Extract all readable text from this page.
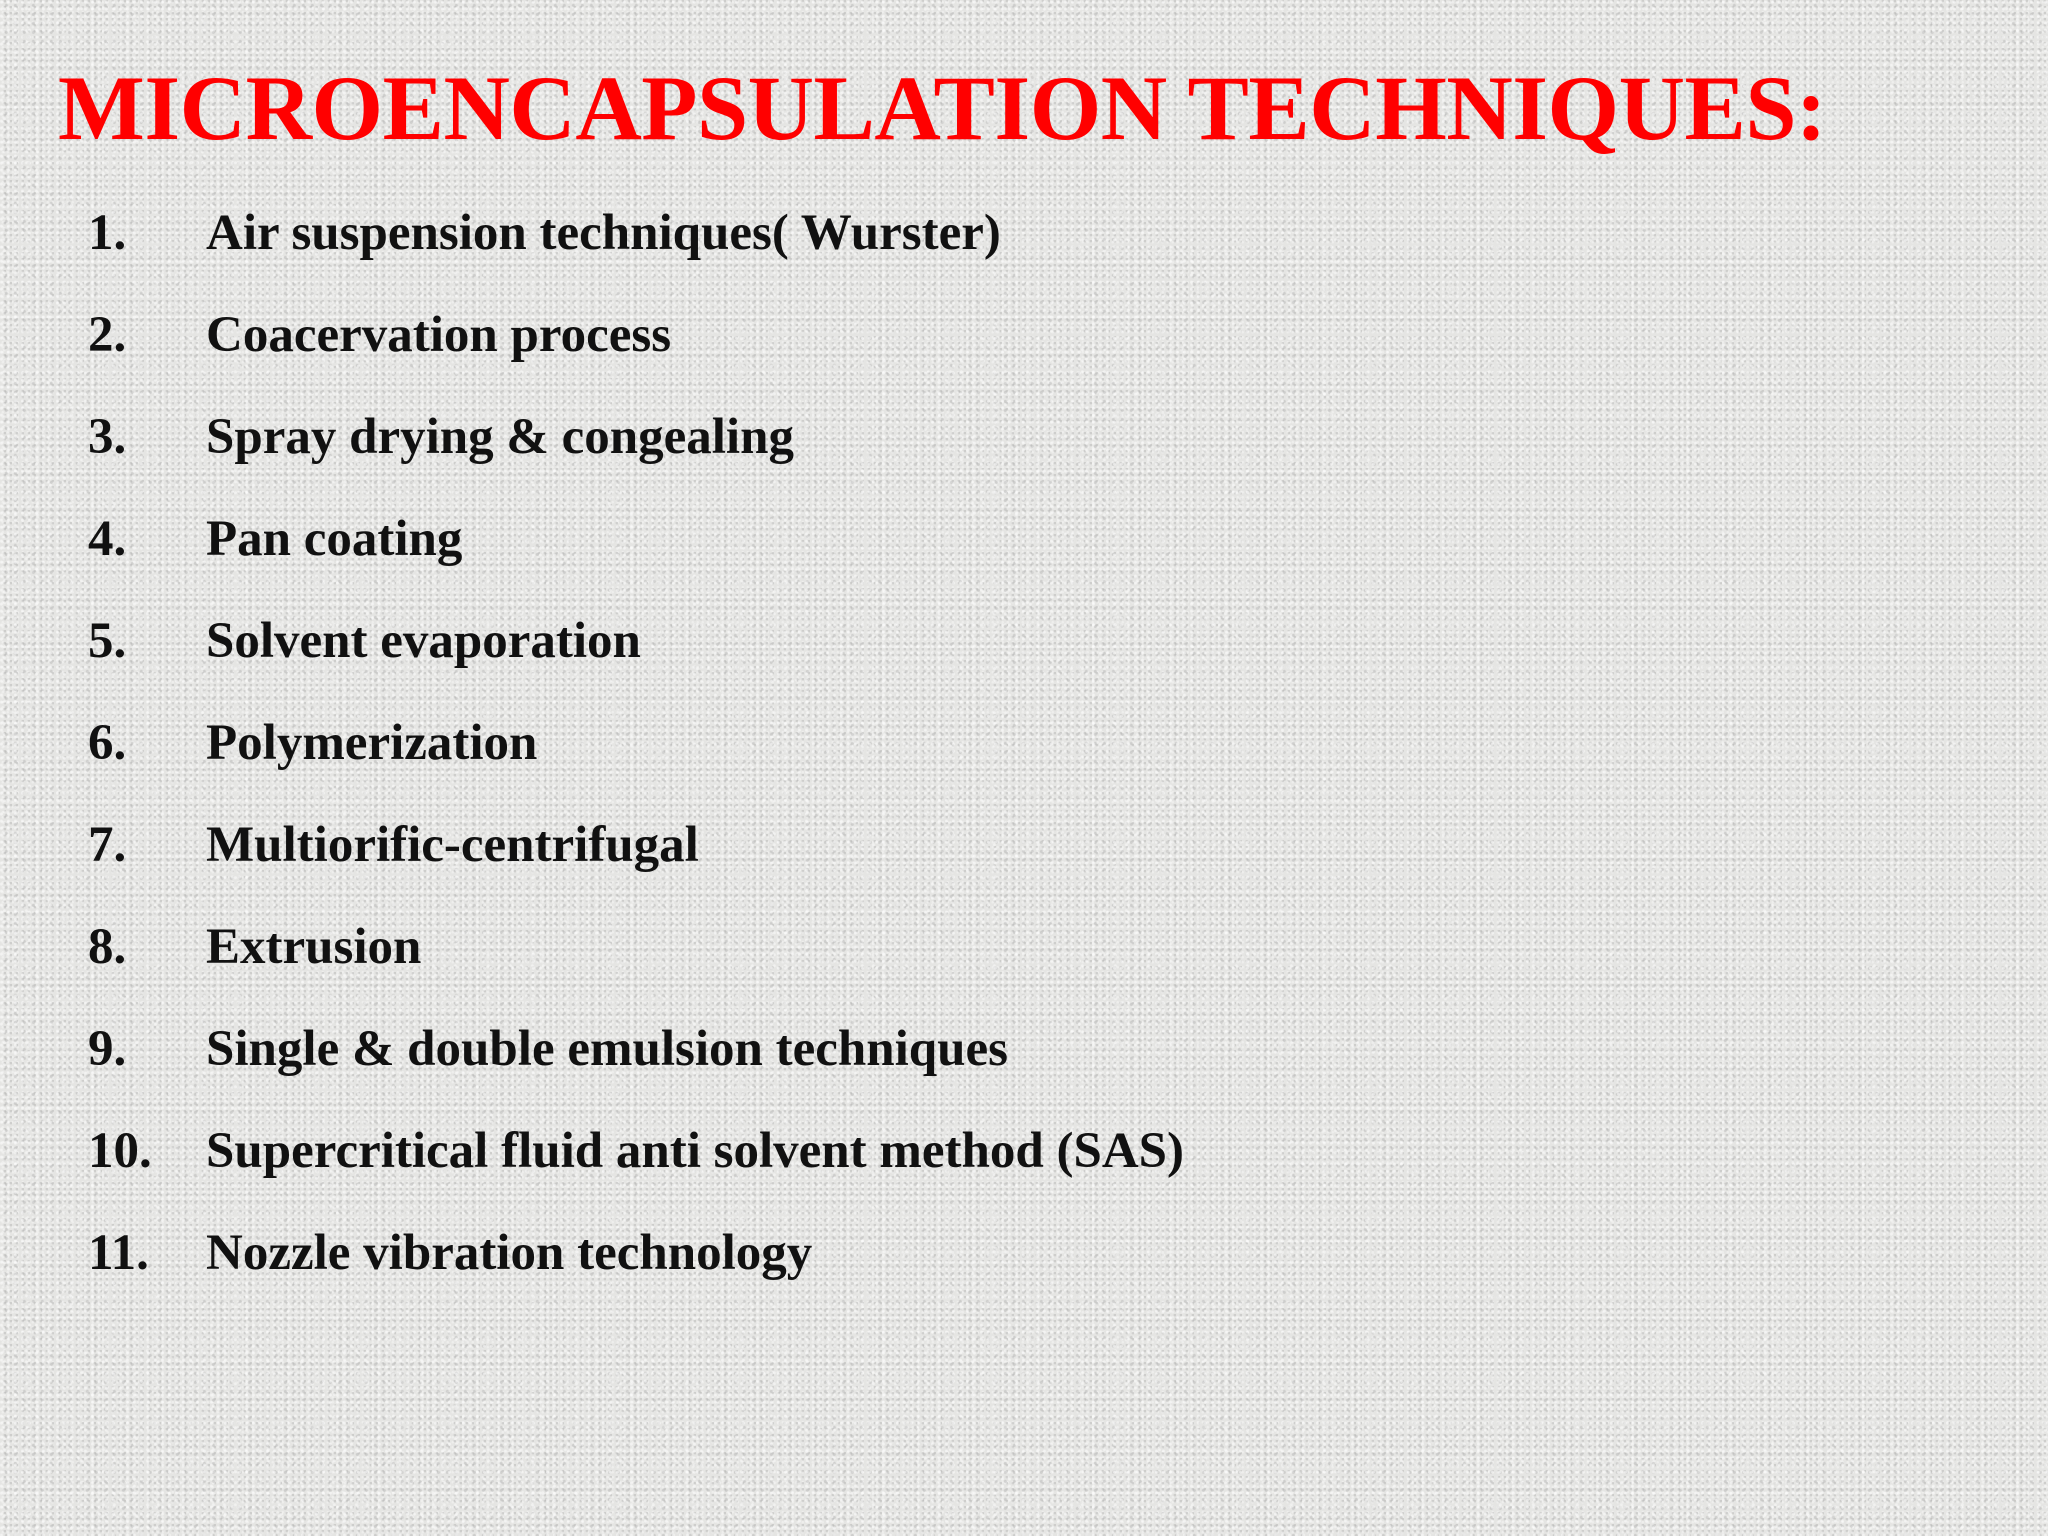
MICROENCAPSULATION TECHNIQUES:
1.	Air suspension techniques( Wurster)
2.	Coacervation process
3.	Spray drying & congealing
4.	Pan coating
5.	Solvent evaporation
6.	Polymerization
7.	Multiorific-centrifugal
8.	Extrusion
9.	Single & double emulsion techniques
10.	Supercritical fluid anti solvent method (SAS)
11.	Nozzle vibration technology
